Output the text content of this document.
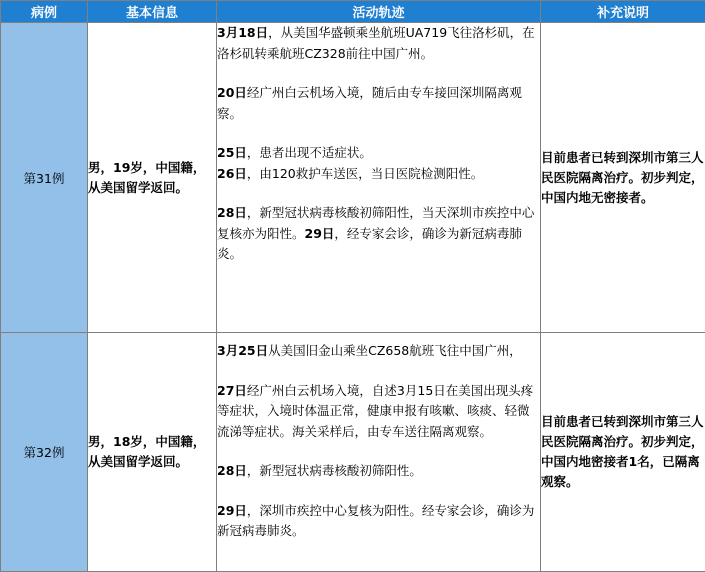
病例	基本信息	活动轨迹	补充说明
第31例	男，19岁，中国籍，从美国留学返回。	3月18日，从美国华盛顿乘坐航班UA719飞往洛杉矶，在洛杉矶转乘航班CZ328前往中国广州。

20日经广州白云机场入境，随后由专车接回深圳隔离观察。

25日，患者出现不适症状。
26日，由120救护车送医，当日医院检测阳性。

28日，新型冠状病毒核酸初筛阳性，当天深圳市疾控中心复核亦为阳性。29日，经专家会诊，确诊为新冠病毒肺炎。	目前患者已转到深圳市第三人民医院隔离治疗。初步判定，中国内地无密接者。
第32例	男，18岁，中国籍，从美国留学返回。	3月25日从美国旧金山乘坐CZ658航班飞往中国广州，

27日经广州白云机场入境，自述3月15日在美国出现头疼等症状，入境时体温正常，健康申报有咳嗽、咳痰、轻微流涕等症状。海关采样后，由专车送往隔离观察。

28日，新型冠状病毒核酸初筛阳性。

29日，深圳市疾控中心复核为阳性。经专家会诊，确诊为新冠病毒肺炎。	目前患者已转到深圳市第三人民医院隔离治疗。初步判定，中国内地密接者1名，已隔离观察。
